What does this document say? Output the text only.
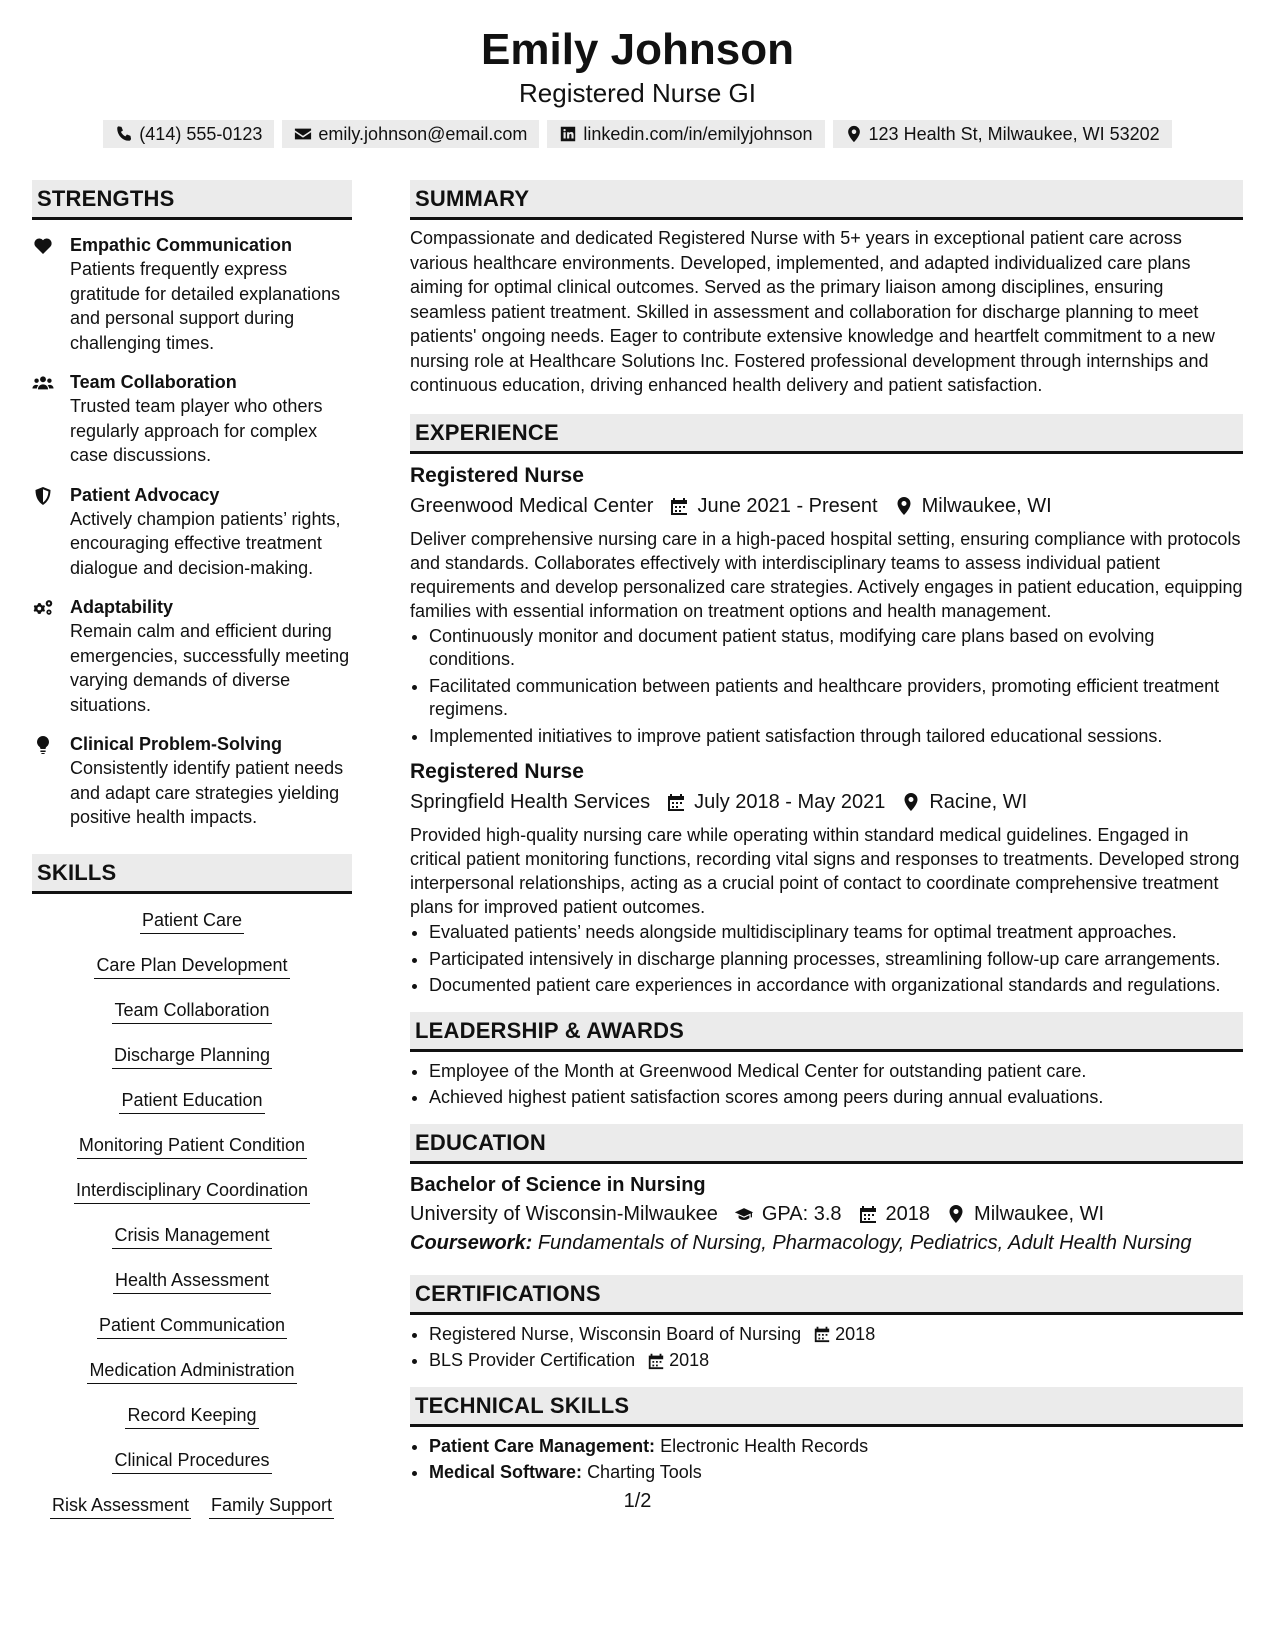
Emily Johnson
Registered Nurse GI
(414) 555-0123	emily.johnson@email.com	linkedin.com/in/emilyjohnson	123 Health St, Milwaukee, WI 53202
STRENGTHS
Empathic Communication
Patients frequently express gratitude for detailed explanations and personal support during challenging times.
Team Collaboration
Trusted team player who others regularly approach for complex case discussions.
Patient Advocacy
Actively champion patients’ rights, encouraging effective treatment dialogue and decision-making.
Adaptability
Remain calm and efficient during emergencies, successfully meeting varying demands of diverse situations.
Clinical Problem-Solving
Consistently identify patient needs and adapt care strategies yielding positive health impacts.
SKILLS
Patient Care
Care Plan Development
Team Collaboration
Discharge Planning
Patient Education
Monitoring Patient Condition
Interdisciplinary Coordination
Crisis Management
Health Assessment
Patient Communication
Medication Administration
Record Keeping
Clinical Procedures
Risk Assessment Family Support
SUMMARY
Compassionate and dedicated Registered Nurse with 5+ years in exceptional patient care across various healthcare environments. Developed, implemented, and adapted individualized care plans aiming for optimal clinical outcomes. Served as the primary liaison among disciplines, ensuring seamless patient treatment. Skilled in assessment and collaboration for discharge planning to meet patients' ongoing needs. Eager to contribute extensive knowledge and heartfelt commitment to a new nursing role at Healthcare Solutions Inc. Fostered professional development through internships and continuous education, driving enhanced health delivery and patient satisfaction.
EXPERIENCE
Registered Nurse
Greenwood Medical Center June 2021 - Present Milwaukee, WI
Deliver comprehensive nursing care in a high-paced hospital setting, ensuring compliance with protocols and standards. Collaborates effectively with interdisciplinary teams to assess individual patient requirements and develop personalized care strategies. Actively engages in patient education, equipping families with essential information on treatment options and health management.
• Continuously monitor and document patient status, modifying care plans based on evolving conditions.
• Facilitated communication between patients and healthcare providers, promoting efficient treatment regimens.
• Implemented initiatives to improve patient satisfaction through tailored educational sessions.
Registered Nurse
Springfield Health Services July 2018 - May 2021 Racine, WI
Provided high-quality nursing care while operating within standard medical guidelines. Engaged in critical patient monitoring functions, recording vital signs and responses to treatments. Developed strong interpersonal relationships, acting as a crucial point of contact to coordinate comprehensive treatment plans for improved patient outcomes.
• Evaluated patients’ needs alongside multidisciplinary teams for optimal treatment approaches.
• Participated intensively in discharge planning processes, streamlining follow-up care arrangements.
• Documented patient care experiences in accordance with organizational standards and regulations.
LEADERSHIP & AWARDS
• Employee of the Month at Greenwood Medical Center for outstanding patient care.
• Achieved highest patient satisfaction scores among peers during annual evaluations.
EDUCATION
Bachelor of Science in Nursing
University of Wisconsin-Milwaukee GPA: 3.8 2018 Milwaukee, WI
Coursework: Fundamentals of Nursing, Pharmacology, Pediatrics, Adult Health Nursing
CERTIFICATIONS
• Registered Nurse, Wisconsin Board of Nursing 2018
• BLS Provider Certification 2018
TECHNICAL SKILLS
• Patient Care Management: Electronic Health Records
• Medical Software: Charting Tools
1/2
